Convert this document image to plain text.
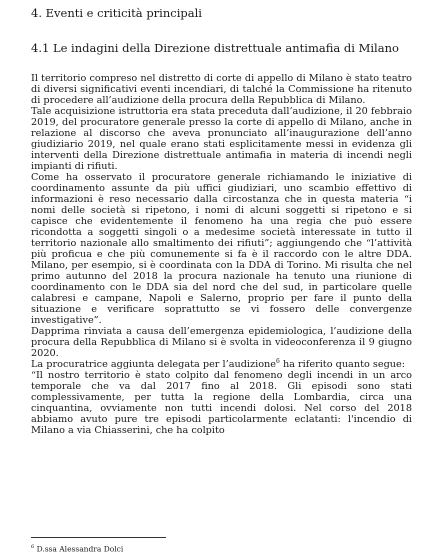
4. Eventi e criticità principali
4.1 Le indagini della Direzione distrettuale antimafia di Milano

Il territorio compreso nel distretto di corte di appello di Milano è stato teatro di diversi significativi eventi incendiari, di talché la Commissione ha ritenuto di procedere all’audizione della procura della Repubblica di Milano.

Tale acquisizione istruttoria era stata preceduta dall’audizione, il 20 febbraio 2019, del procuratore generale presso la corte di appello di Milano, anche in relazione al discorso che aveva pronunciato all’inaugurazione dell’anno giudiziario 2019, nel quale erano stati esplicitamente messi in evidenza gli interventi della Direzione distrettuale antimafia in materia di incendi negli impianti di rifiuti.

Come ha osservato il procuratore generale richiamando le iniziative di coordinamento assunte da più uffici giudiziari, uno scambio effettivo di informazioni è reso necessario dalla circostanza che in questa materia “i nomi delle società si ripetono, i nomi di alcuni soggetti si ripetono e si capisce che evidentemente il fenomeno ha una regia che può essere ricondotta a soggetti singoli o a medesime società interessate in tutto il territorio nazionale allo smaltimento dei rifiuti”; aggiungendo che “l’attività più proficua e che più comunemente si fa è il raccordo con le altre DDA. Milano, per esempio, si è coordinata con la DDA di Torino. Mi risulta che nel primo autunno del 2018 la procura nazionale ha tenuto una riunione di coordinamento con le DDA sia del nord che del sud, in particolare quelle calabresi e campane, Napoli e Salerno, proprio per fare il punto della situazione e verificare soprattutto se vi fossero delle convergenze investigative”.

Dapprima rinviata a causa dell’emergenza epidemiologica, l’audizione della procura della Repubblica di Milano si è svolta in videoconferenza il 9 giugno 2020.

La procuratrice aggiunta delegata per l’audizione$^6$ ha riferito quanto segue:

“Il nostro territorio è stato colpito dal fenomeno degli incendi in un arco temporale che va dal 2017 fino al 2018. Gli episodi sono stati complessivamente, per tutta la regione della Lombardia, circa una cinquantina, ovviamente non tutti incendi dolosi. Nel corso del 2018 abbiamo avuto pure tre episodi particolarmente eclatanti: l'incendio di Milano a via Chiasserini, che ha colpito

$^6$ D.ssa Alessandra Dolci
